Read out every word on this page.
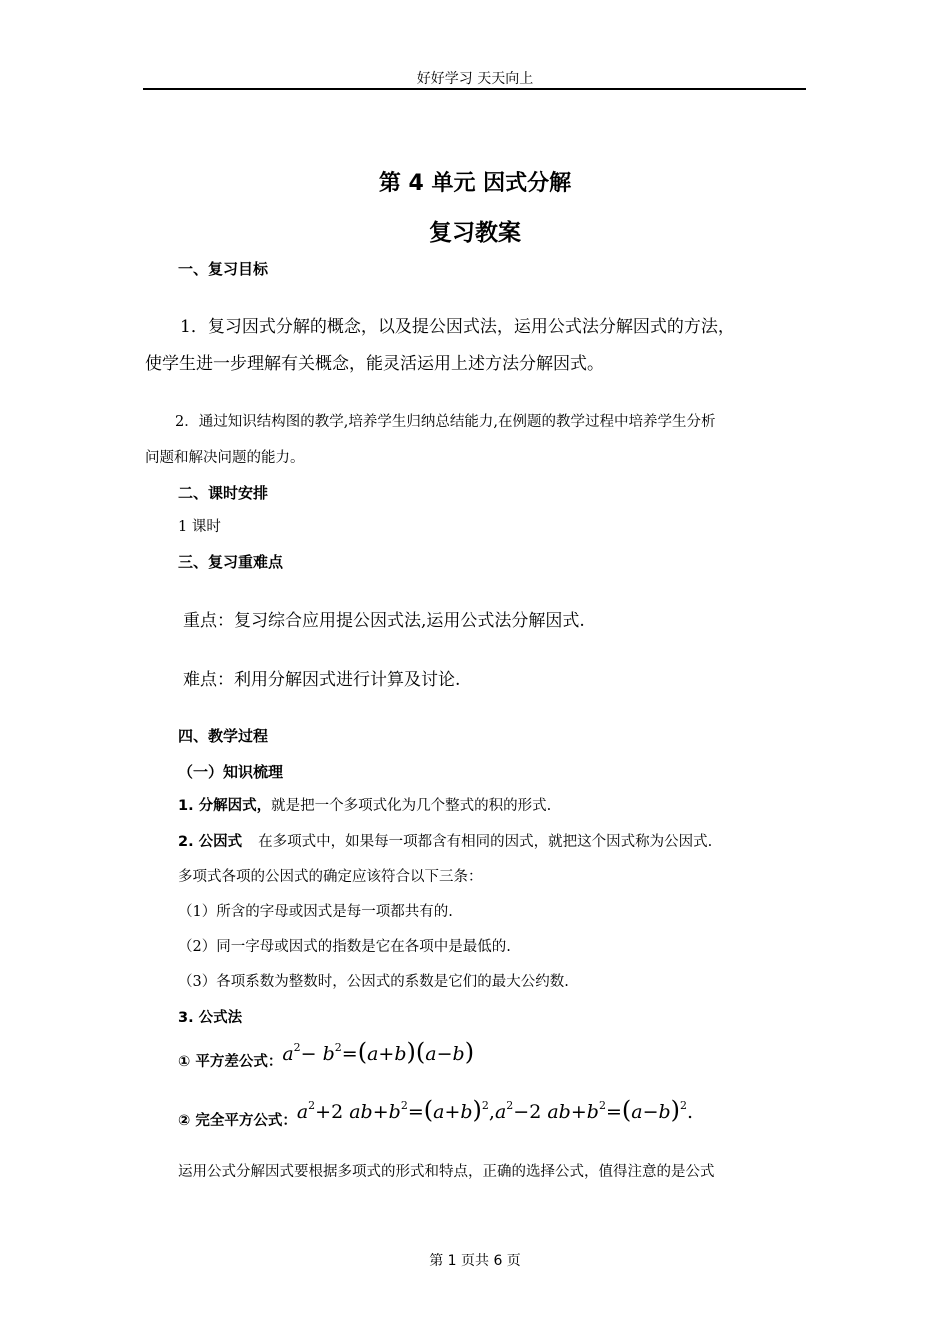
好好学习 天天向上
第 4 单元 因式分解
复习教案
一、复习目标
1．复习因式分解的概念，以及提公因式法，运用公式法分解因式的方法，
使学生进一步理解有关概念，能灵活运用上述方法分解因式。
2．通过知识结构图的教学,培养学生归纳总结能力,在例题的教学过程中培养学生分析
问题和解决问题的能力。
二、课时安排
1 课时
三、复习重难点
重点：复习综合应用提公因式法,运用公式法分解因式.
难点：利用分解因式进行计算及讨论.
四、教学过程
（一）知识梳理
1. 分解因式，就是把一个多项式化为几个整式的积的形式.
2. 公因式 在多项式中，如果每一项都含有相同的因式，就把这个因式称为公因式.
多项式各项的公因式的确定应该符合以下三条：
（1）所含的字母或因式是每一项都共有的.
（2）同一字母或因式的指数是它在各项中是最低的.
（3）各项系数为整数时，公因式的系数是它们的最大公约数.
3. 公式法
① 平方差公式：$a^2- b^2=(a+b)(a-b)$
② 完全平方公式：$a^2+2$ $ab+b^2=(a+b)^2,a^2-2$ $ab+b^2=(a-b)^2$.
运用公式分解因式要根据多项式的形式和特点，正确的选择公式，值得注意的是公式
第 1 页共 6 页
